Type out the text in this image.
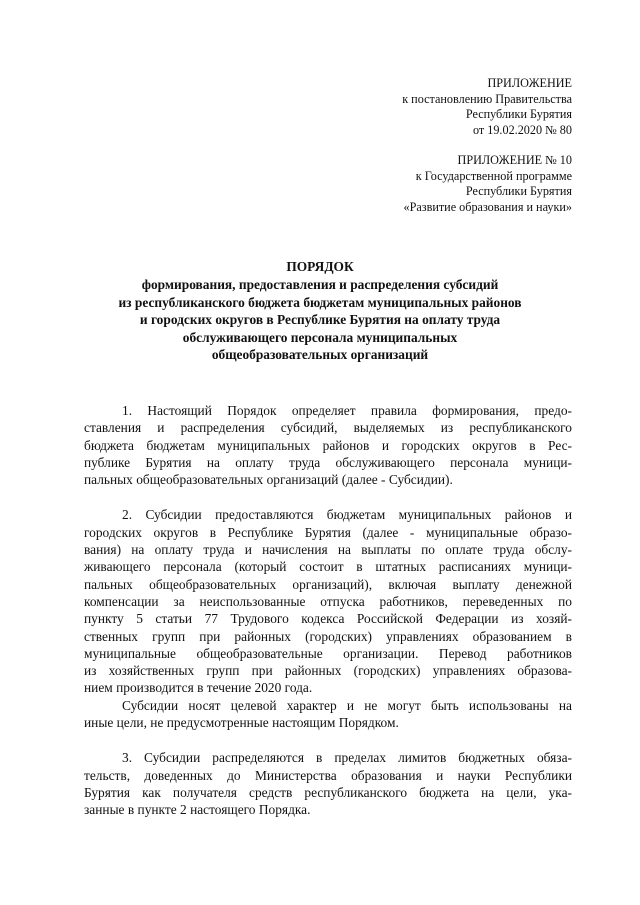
ПРИЛОЖЕНИЕ
к постановлению Правительства
Республики Бурятия
от 19.02.2020 № 80
ПРИЛОЖЕНИЕ № 10
к Государственной программе
Республики Бурятия
«Развитие образования и науки»
ПОРЯДОК
формирования, предоставления и распределения субсидий
из республиканского бюджета бюджетам муниципальных районов
и городских округов в Республике Бурятия на оплату труда
обслуживающего персонала муниципальных
общеобразовательных организаций
1. Настоящий Порядок определяет правила формирования, предо-
ставления и распределения субсидий, выделяемых из республиканского
бюджета бюджетам муниципальных районов и городских округов в Рес-
публике Бурятия на оплату труда обслуживающего персонала муници-
пальных общеобразовательных организаций (далее - Субсидии).
2. Субсидии предоставляются бюджетам муниципальных районов и
городских округов в Республике Бурятия (далее - муниципальные образо-
вания) на оплату труда и начисления на выплаты по оплате труда обслу-
живающего персонала (который состоит в штатных расписаниях муници-
пальных общеобразовательных организаций), включая выплату денежной
компенсации за неиспользованные отпуска работников, переведенных по
пункту 5 статьи 77 Трудового кодекса Российской Федерации из хозяй-
ственных групп при районных (городских) управлениях образованием в
муниципальные общеобразовательные организации. Перевод работников
из хозяйственных групп при районных (городских) управлениях образова-
нием производится в течение 2020 года.
Субсидии носят целевой характер и не могут быть использованы на
иные цели, не предусмотренные настоящим Порядком.
3. Субсидии распределяются в пределах лимитов бюджетных обяза-
тельств, доведенных до Министерства образования и науки Республики
Бурятия как получателя средств республиканского бюджета на цели, ука-
занные в пункте 2 настоящего Порядка.
